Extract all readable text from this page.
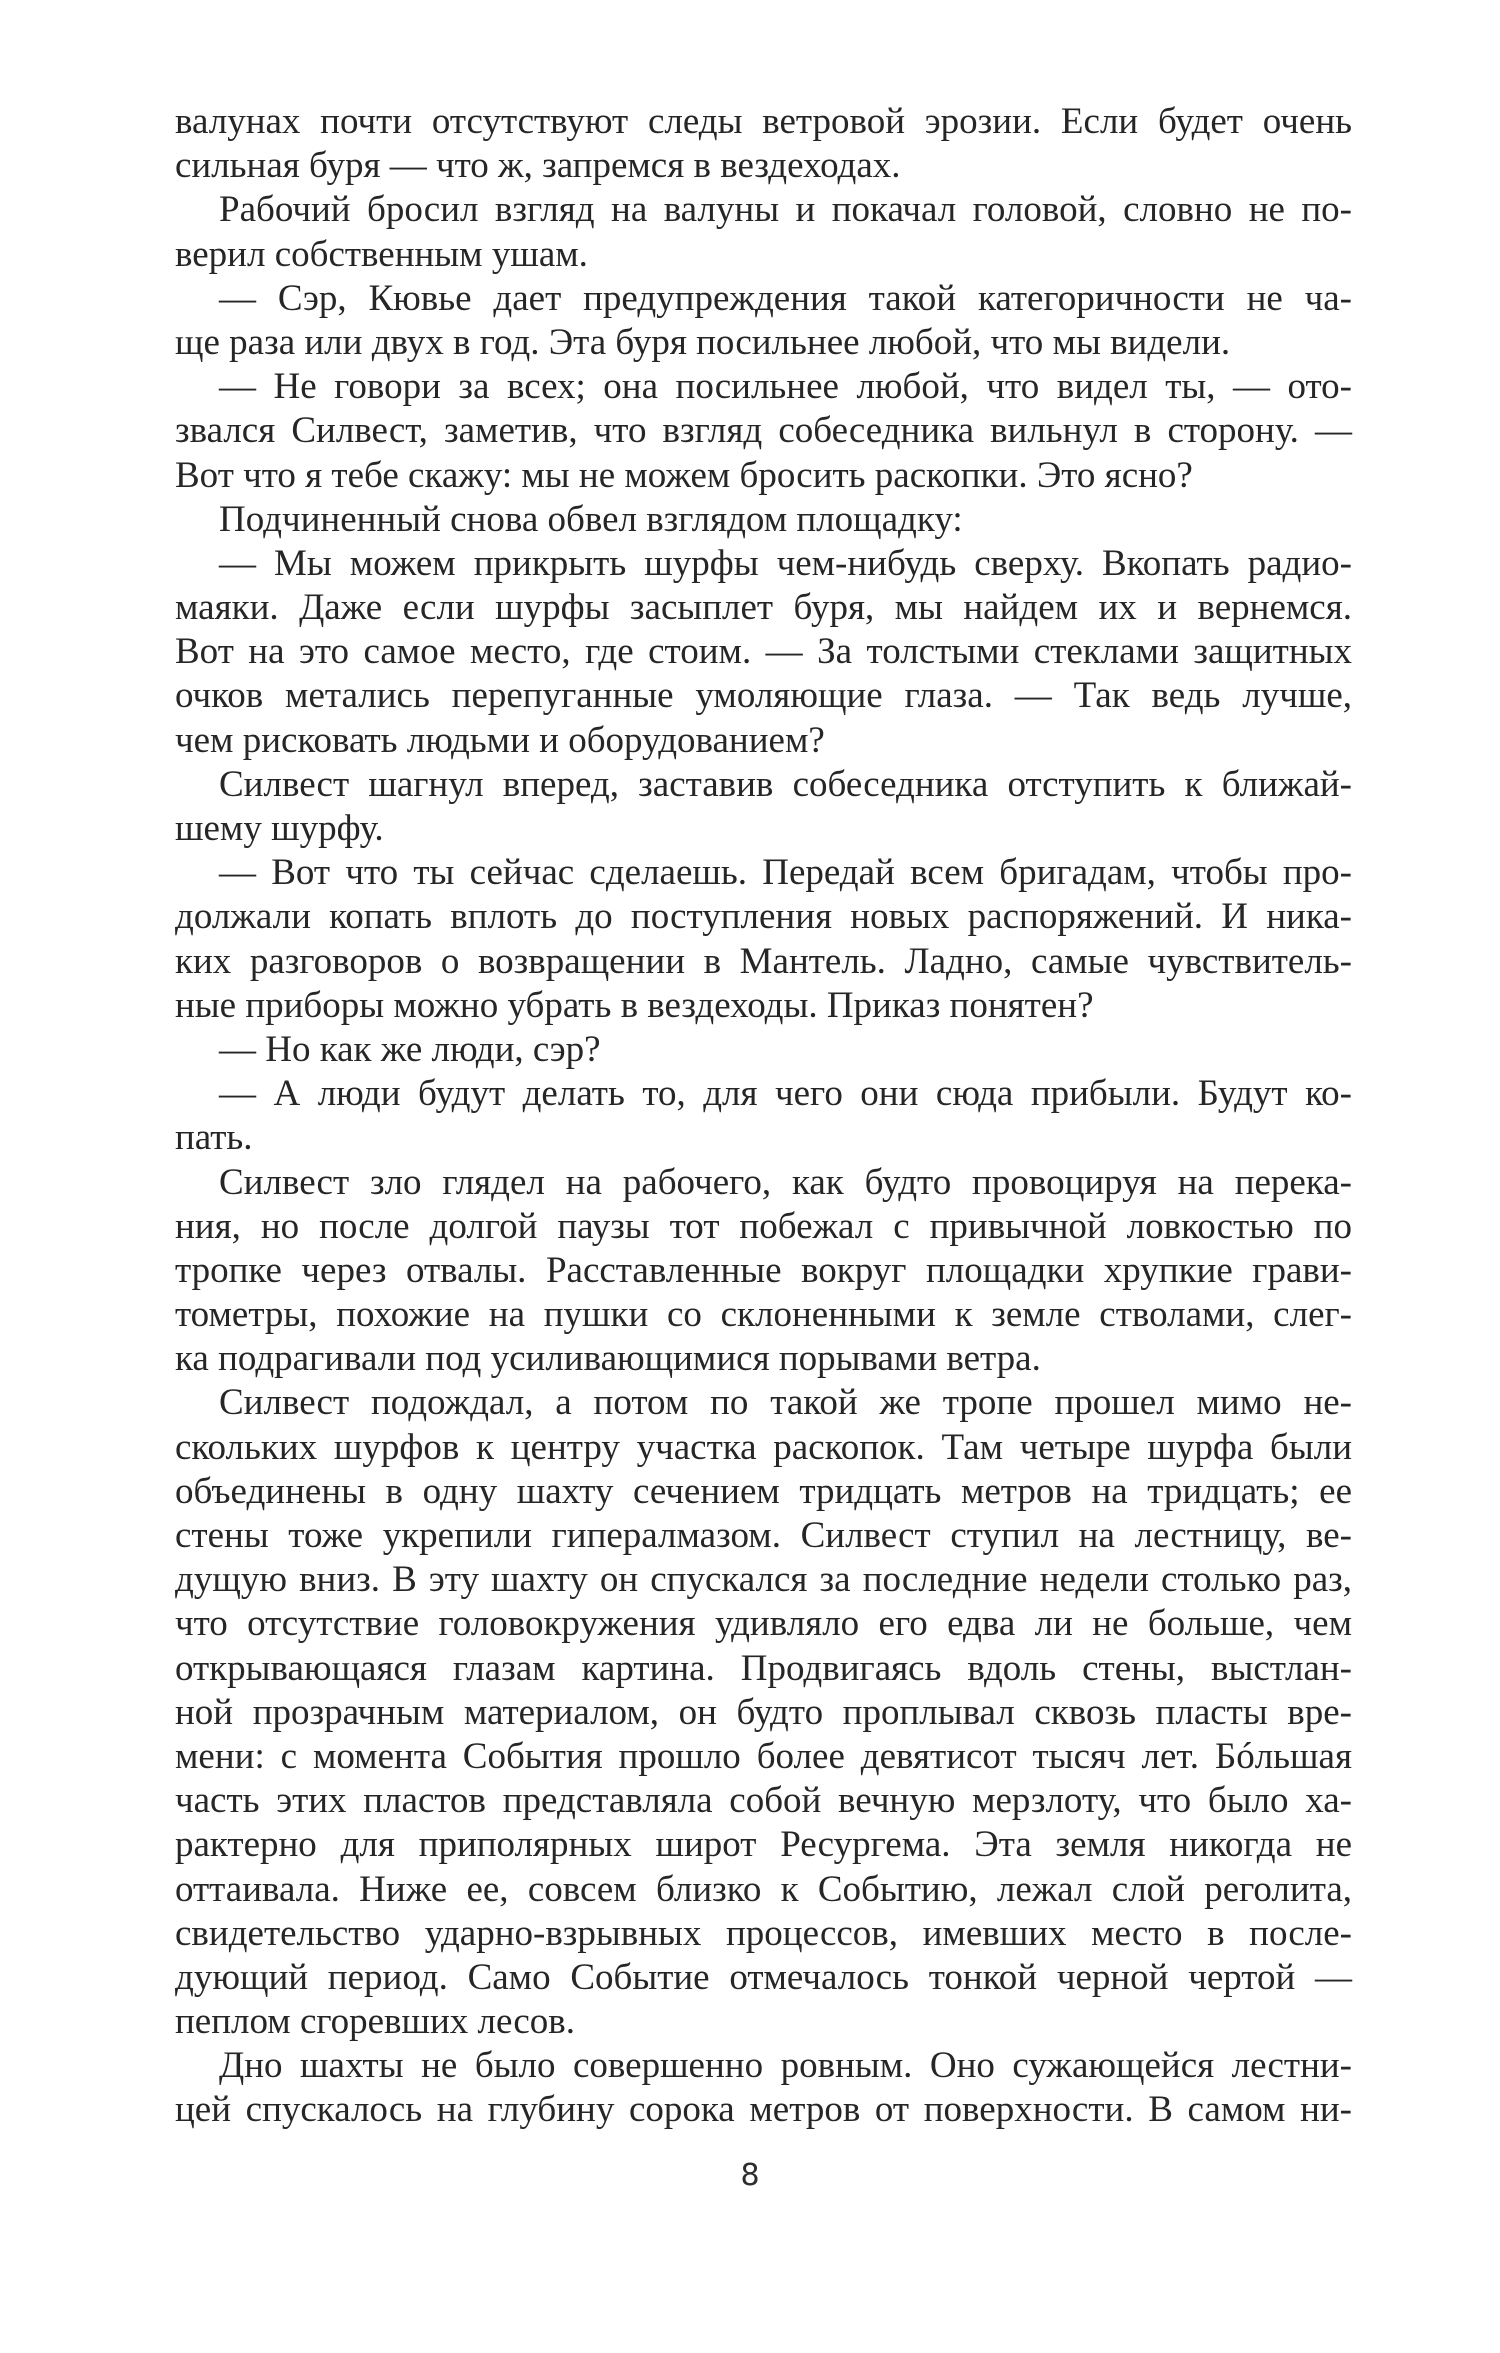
валунах почти отсутствуют следы ветровой эрозии. Если будет очень
сильная буря — что ж, запремся в вездеходах.
Рабочий бросил взгляд на валуны и покачал головой, словно не по-
верил собственным ушам.
— Сэр, Кювье дает предупреждения такой категоричности не ча-
ще раза или двух в год. Эта буря посильнее любой, что мы видели.
— Не говори за всех; она посильнее любой, что видел ты, — ото-
звался Силвест, заметив, что взгляд собеседника вильнул в сторону. —
Вот что я тебе скажу: мы не можем бросить раскопки. Это ясно?
Подчиненный снова обвел взглядом площадку:
— Мы можем прикрыть шурфы чем-нибудь сверху. Вкопать радио-
маяки. Даже если шурфы засыплет буря, мы найдем их и вернемся.
Вот на это самое место, где стоим. — За толстыми стеклами защитных
очков метались перепуганные умоляющие глаза. — Так ведь лучше,
чем рисковать людьми и оборудованием?
Силвест шагнул вперед, заставив собеседника отступить к ближай-
шему шурфу.
— Вот что ты сейчас сделаешь. Передай всем бригадам, чтобы про-
должали копать вплоть до поступления новых распоряжений. И ника-
ких разговоров о возвращении в Мантель. Ладно, самые чувствитель-
ные приборы можно убрать в вездеходы. Приказ понятен?
— Но как же люди, сэр?
— А люди будут делать то, для чего они сюда прибыли. Будут ко-
пать.
Силвест зло глядел на рабочего, как будто провоцируя на перека-
ния, но после долгой паузы тот побежал с привычной ловкостью по
тропке через отвалы. Расставленные вокруг площадки хрупкие грави-
тометры, похожие на пушки со склоненными к земле стволами, слег-
ка подрагивали под усиливающимися порывами ветра.
Силвест подождал, а потом по такой же тропе прошел мимо не-
скольких шурфов к центру участка раскопок. Там четыре шурфа были
объединены в одну шахту сечением тридцать метров на тридцать; ее
стены тоже укрепили гипералмазом. Силвест ступил на лестницу, ве-
дущую вниз. В эту шахту он спускался за последние недели столько раз,
что отсутствие головокружения удивляло его едва ли не больше, чем
открывающаяся глазам картина. Продвигаясь вдоль стены, выстлан-
ной прозрачным материалом, он будто проплывал сквозь пласты вре-
мени: с момента События прошло более девятисот тысяч лет. Бóльшая
часть этих пластов представляла собой вечную мерзлоту, что было ха-
рактерно для приполярных широт Ресургема. Эта земля никогда не
оттаивала. Ниже ее, совсем близко к Событию, лежал слой реголита,
свидетельство ударно-взрывных процессов, имевших место в после-
дующий период. Само Событие отмечалось тонкой черной чертой —
пеплом сгоревших лесов.
Дно шахты не было совершенно ровным. Оно сужающейся лестни-
цей спускалось на глубину сорока метров от поверхности. В самом ни-
8
